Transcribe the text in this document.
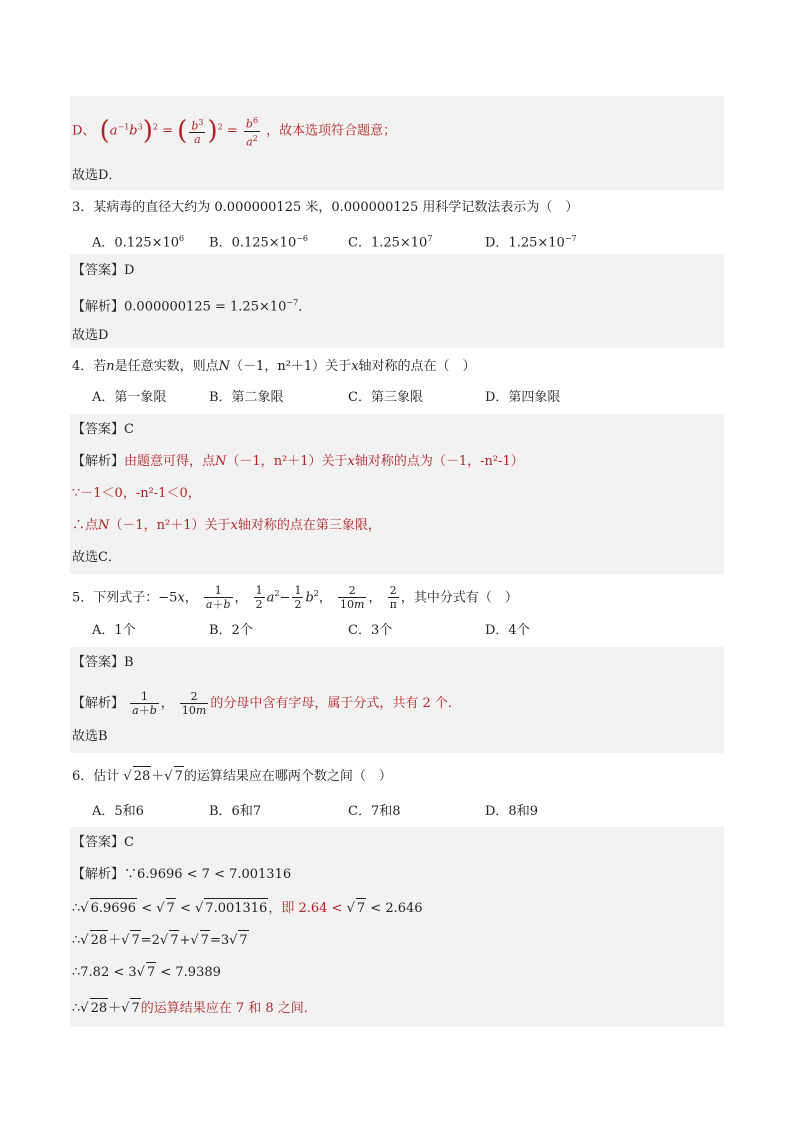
D、 $(a^{-1}b^3)^2$ = ( $\frac{b^3}{a} )^2 = \frac{b^6}{a^2}$ ，故本选项符合题意；
故选D．
3．某病毒的直径大约为 0.000000125 米，0.000000125 用科学记数法表示为（　）
A．$0.125\times 10^6$ B．$0.125\times 10^{-6}$	C．$1.25\times 10^7$	D．$1.25\times 10^{-7}$
【答案】D
【解析】$0.000000125 = 1.25\times 10^{-7}$．
故选D
4．若n是任意实数，则点N（－1，n²＋1）关于x轴对称的点在（　）
A．第一象限	B．第二象限	C．第三象限	D．第四象限
【答案】C
【解析】由题意可得，点N（－1，n²＋1）关于x轴对称的点为（－1，-n²-1）
∵－1＜0，-n²-1＜0，
∴点N（－1，n²＋1）关于x轴对称的点在第三象限，
故选C．
5．下列式子：−5x， $\frac{1}{a+b}$ ， $\frac{1}{2} a^2- \frac{1}{2} b^2$， $\frac{2}{10m}$ ， $\frac{2}{\pi}$ ，其中分式有（　）
A．1个	B．2个	C．3个	D．4个
【答案】B
【解析】 $\frac{1}{a+b}$ ， $\frac{2}{10m}$ 的分母中含有字母，属于分式，共有 2 个．
故选B
6．估计 √ 28＋√ 7的运算结果应在哪两个数之间（　）
A．5和6	B．6和7	C．7和8	D．8和9
【答案】C
【解析】∵6.9696 < 7 < 7.001316
∴√ 6.9696 < √ 7 < √ 7.001316，即 2.64 < √ 7 < 2.646
∴√ 28＋√ 7=2√ 7+√ 7=3√ 7
∴7.82 < 3√ 7 < 7.9389
∴√ 28＋√ 7的运算结果应在 7 和 8 之间．
